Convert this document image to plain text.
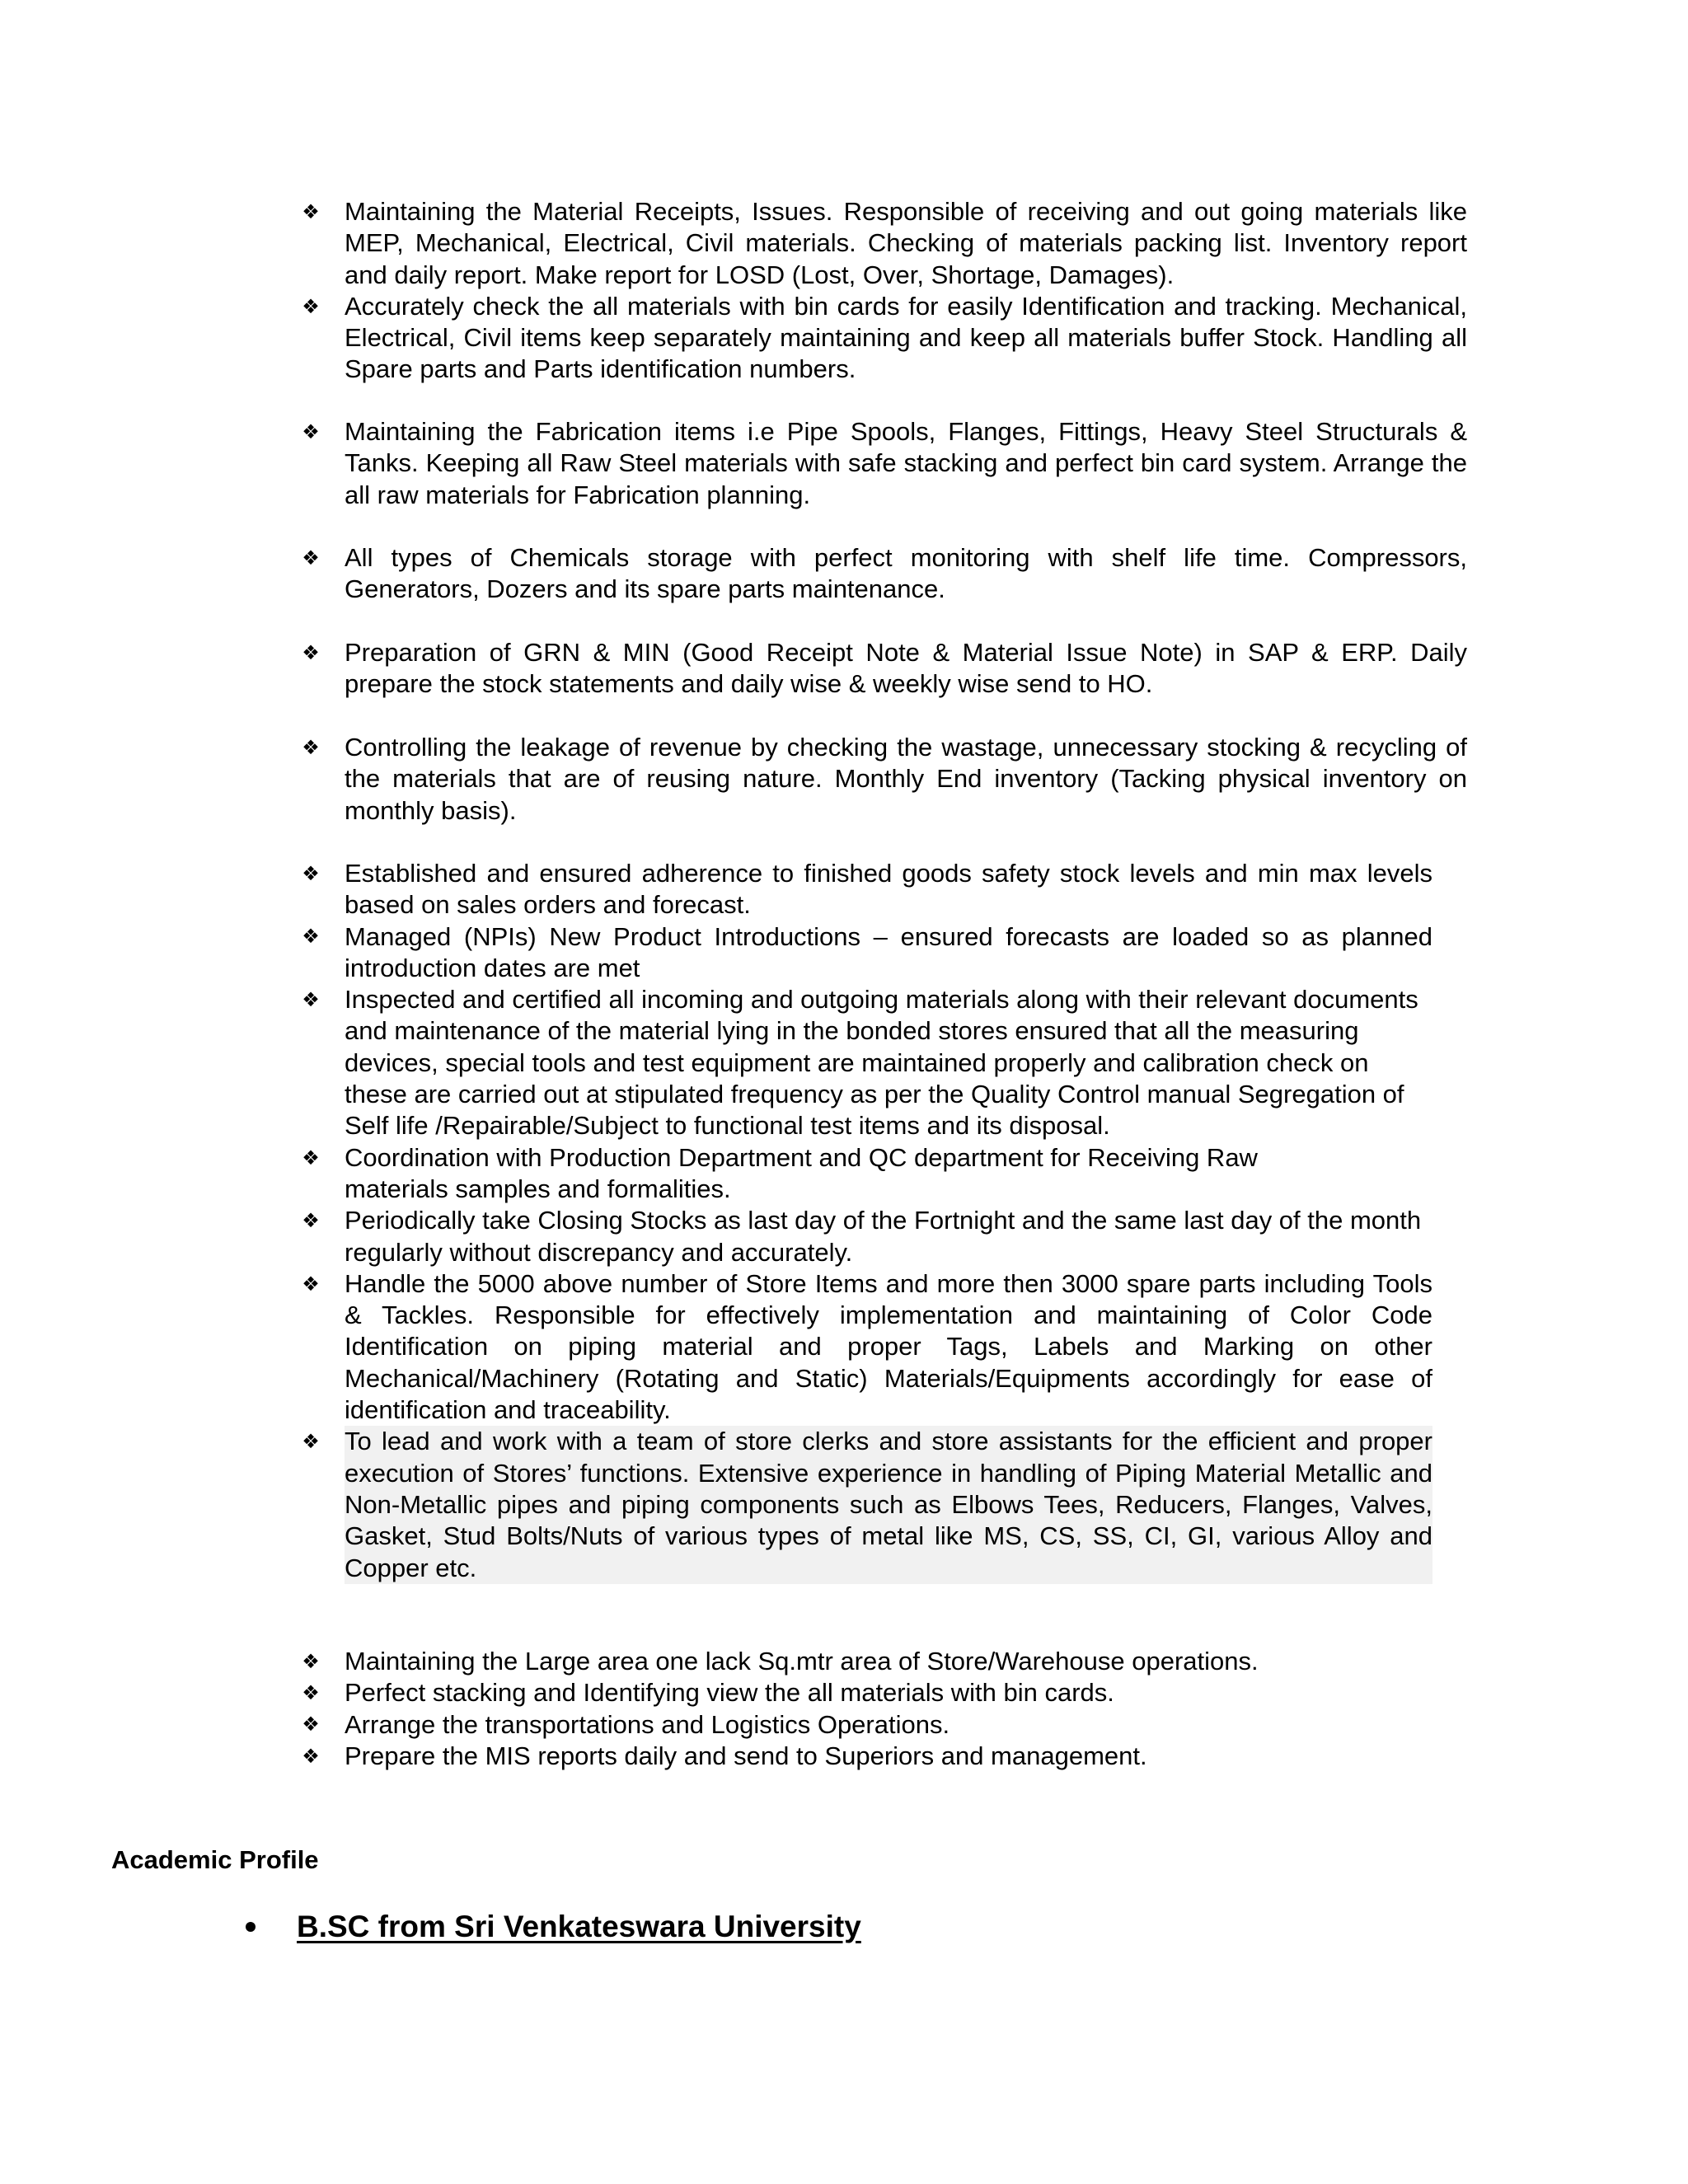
❖ Maintaining the Material Receipts, Issues. Responsible of receiving and out going materials like MEP, Mechanical, Electrical, Civil materials. Checking of materials packing list. Inventory report and daily report. Make report for LOSD (Lost, Over, Shortage, Damages).
❖ Accurately check the all materials with bin cards for easily Identification and tracking. Mechanical, Electrical, Civil items keep separately maintaining and keep all materials buffer Stock. Handling all Spare parts and Parts identification numbers.
❖ Maintaining the Fabrication items i.e Pipe Spools, Flanges, Fittings, Heavy Steel Structurals & Tanks. Keeping all Raw Steel materials with safe stacking and perfect bin card system. Arrange the all raw materials for Fabrication planning.
❖ All types of Chemicals storage with perfect monitoring with shelf life time. Compressors, Generators, Dozers and its spare parts maintenance.
❖ Preparation of GRN & MIN (Good Receipt Note & Material Issue Note) in SAP & ERP. Daily prepare the stock statements and daily wise & weekly wise send to HO.
❖ Controlling the leakage of revenue by checking the wastage, unnecessary stocking & recycling of the materials that are of reusing nature. Monthly End inventory (Tacking physical inventory on monthly basis).
❖ Established and ensured adherence to finished goods safety stock levels and min max levels based on sales orders and forecast.
❖ Managed (NPIs) New Product Introductions – ensured forecasts are loaded so as planned introduction dates are met
❖ Inspected and certified all incoming and outgoing materials along with their relevant documents and maintenance of the material lying in the bonded stores ensured that all the measuring devices, special tools and test equipment are maintained properly and calibration check on these are carried out at stipulated frequency as per the Quality Control manual Segregation of Self life /Repairable/Subject to functional test items and its disposal.
❖ Coordination with Production Department and QC department for Receiving Raw materials samples and formalities.
❖ Periodically take Closing Stocks as last day of the Fortnight and the same last day of the month regularly without discrepancy and accurately.
❖ Handle the 5000 above number of Store Items and more then 3000 spare parts including Tools & Tackles. Responsible for effectively implementation and maintaining of Color Code Identification on piping material and proper Tags, Labels and Marking on other Mechanical/Machinery (Rotating and Static) Materials/Equipments accordingly for ease of identification and traceability.
❖ To lead and work with a team of store clerks and store assistants for the efficient and proper execution of Stores’ functions. Extensive experience in handling of Piping Material Metallic and Non-Metallic pipes and piping components such as Elbows Tees, Reducers, Flanges, Valves, Gasket, Stud Bolts/Nuts of various types of metal like MS, CS, SS, CI, GI, various Alloy and Copper etc.
❖ Maintaining the Large area one lack Sq.mtr area of Store/Warehouse operations.
❖ Perfect stacking and Identifying view the all materials with bin cards.
❖ Arrange the transportations and Logistics Operations.
❖ Prepare the MIS reports daily and send to Superiors and management.
Academic Profile
B.SC from Sri Venkateswara University
